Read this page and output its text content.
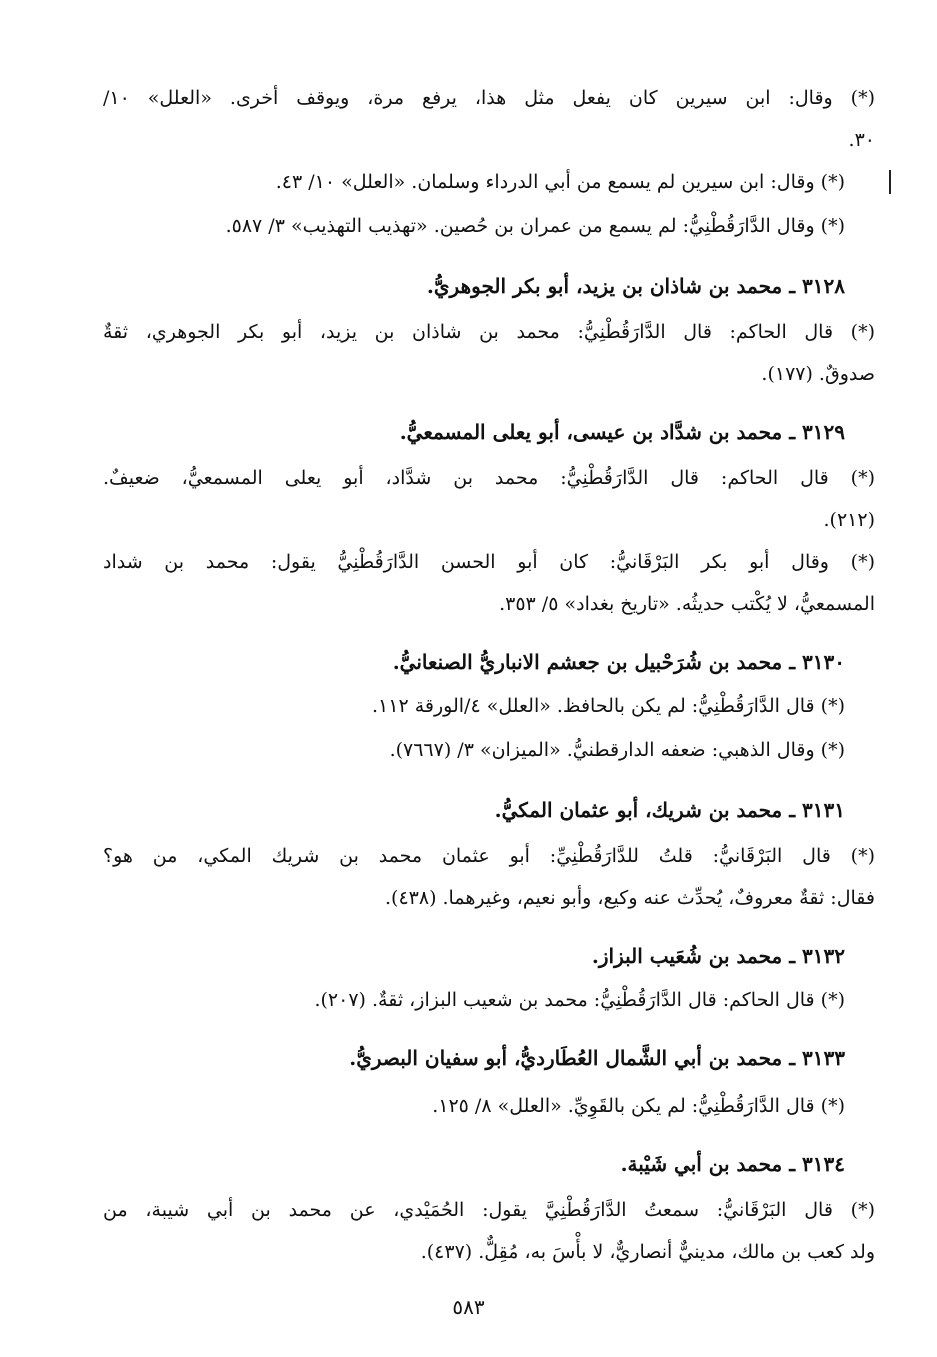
(*) وقال: ابن سيرين كان يفعل مثل هذا، يرفع مرة، ويوقف أخرى. «العلل» ١٠/
٣٠.
(*) وقال: ابن سيرين لم يسمع من أبي الدرداء وسلمان. «العلل» ١٠/ ٤٣.
(*) وقال الدَّارَقُطْنِيُّ: لم يسمع من عمران بن حُصين. «تهذيب التهذيب» ٣/ ٥٨٧.
٣١٢٨ ـ محمد بن شاذان بن يزيد، أبو بكر الجوهريُّ.
(*) قال الحاكم: قال الدَّارَقُطْنِيُّ: محمد بن شاذان بن يزيد، أبو بكر الجوهري، ثقةٌ
صدوقٌ. (١٧٧).
٣١٢٩ ـ محمد بن شدَّاد بن عيسى، أبو يعلى المسمعيُّ.
(*) قال الحاكم: قال الدَّارَقُطْنِيُّ: محمد بن شدَّاد، أبو يعلى المسمعيُّ، ضعيفٌ.
(٢١٢).
(*) وقال أبو بكر البَرْقَانيُّ: كان أبو الحسن الدَّارَقُطْنِيُّ يقول: محمد بن شداد
المسمعيُّ، لا يُكْتب حديثُه. «تاريخ بغداد» ٥/ ٣٥٣.
٣١٣٠ ـ محمد بن شُرَحْبيل بن جعشم الانباريُّ الصنعانيُّ.
(*) قال الدَّارَقُطْنِيُّ: لم يكن بالحافظ. «العلل» ٤/الورقة ١١٢.
(*) وقال الذهبي: ضعفه الدارقطنيُّ. «الميزان» ٣/ (٧٦٦٧).
٣١٣١ ـ محمد بن شريك، أبو عثمان المكيُّ.
(*) قال البَرْقَانيُّ: قلتُ للدَّارَقُطْنِيِّ: أبو عثمان محمد بن شريك المكي، من هو؟
فقال: ثقةٌ معروفٌ، يُحدِّث عنه وكيع، وأبو نعيم، وغيرهما. (٤٣٨).
٣١٣٢ ـ محمد بن شُعَيب البزاز.
(*) قال الحاكم: قال الدَّارَقُطْنِيُّ: محمد بن شعيب البزاز، ثقةٌ. (٢٠٧).
٣١٣٣ ـ محمد بن أبي الشَّمال العُطَارديُّ، أبو سفيان البصريُّ.
(*) قال الدَّارَقُطْنِيُّ: لم يكن بالقَوِيِّ. «العلل» ٨/ ١٢٥.
٣١٣٤ ـ محمد بن أبي شَيْبة.
(*) قال البَرْقَانيُّ: سمعتُ الدَّارَقُطْنِيَّ يقول: الحُمَيْدي، عن محمد بن أبي شيبة، من
ولد كعب بن مالك، مدينيٌّ أنصاريٌّ، لا بأْسَ به، مُقِلٌّ. (٤٣٧).
٥٨٣
